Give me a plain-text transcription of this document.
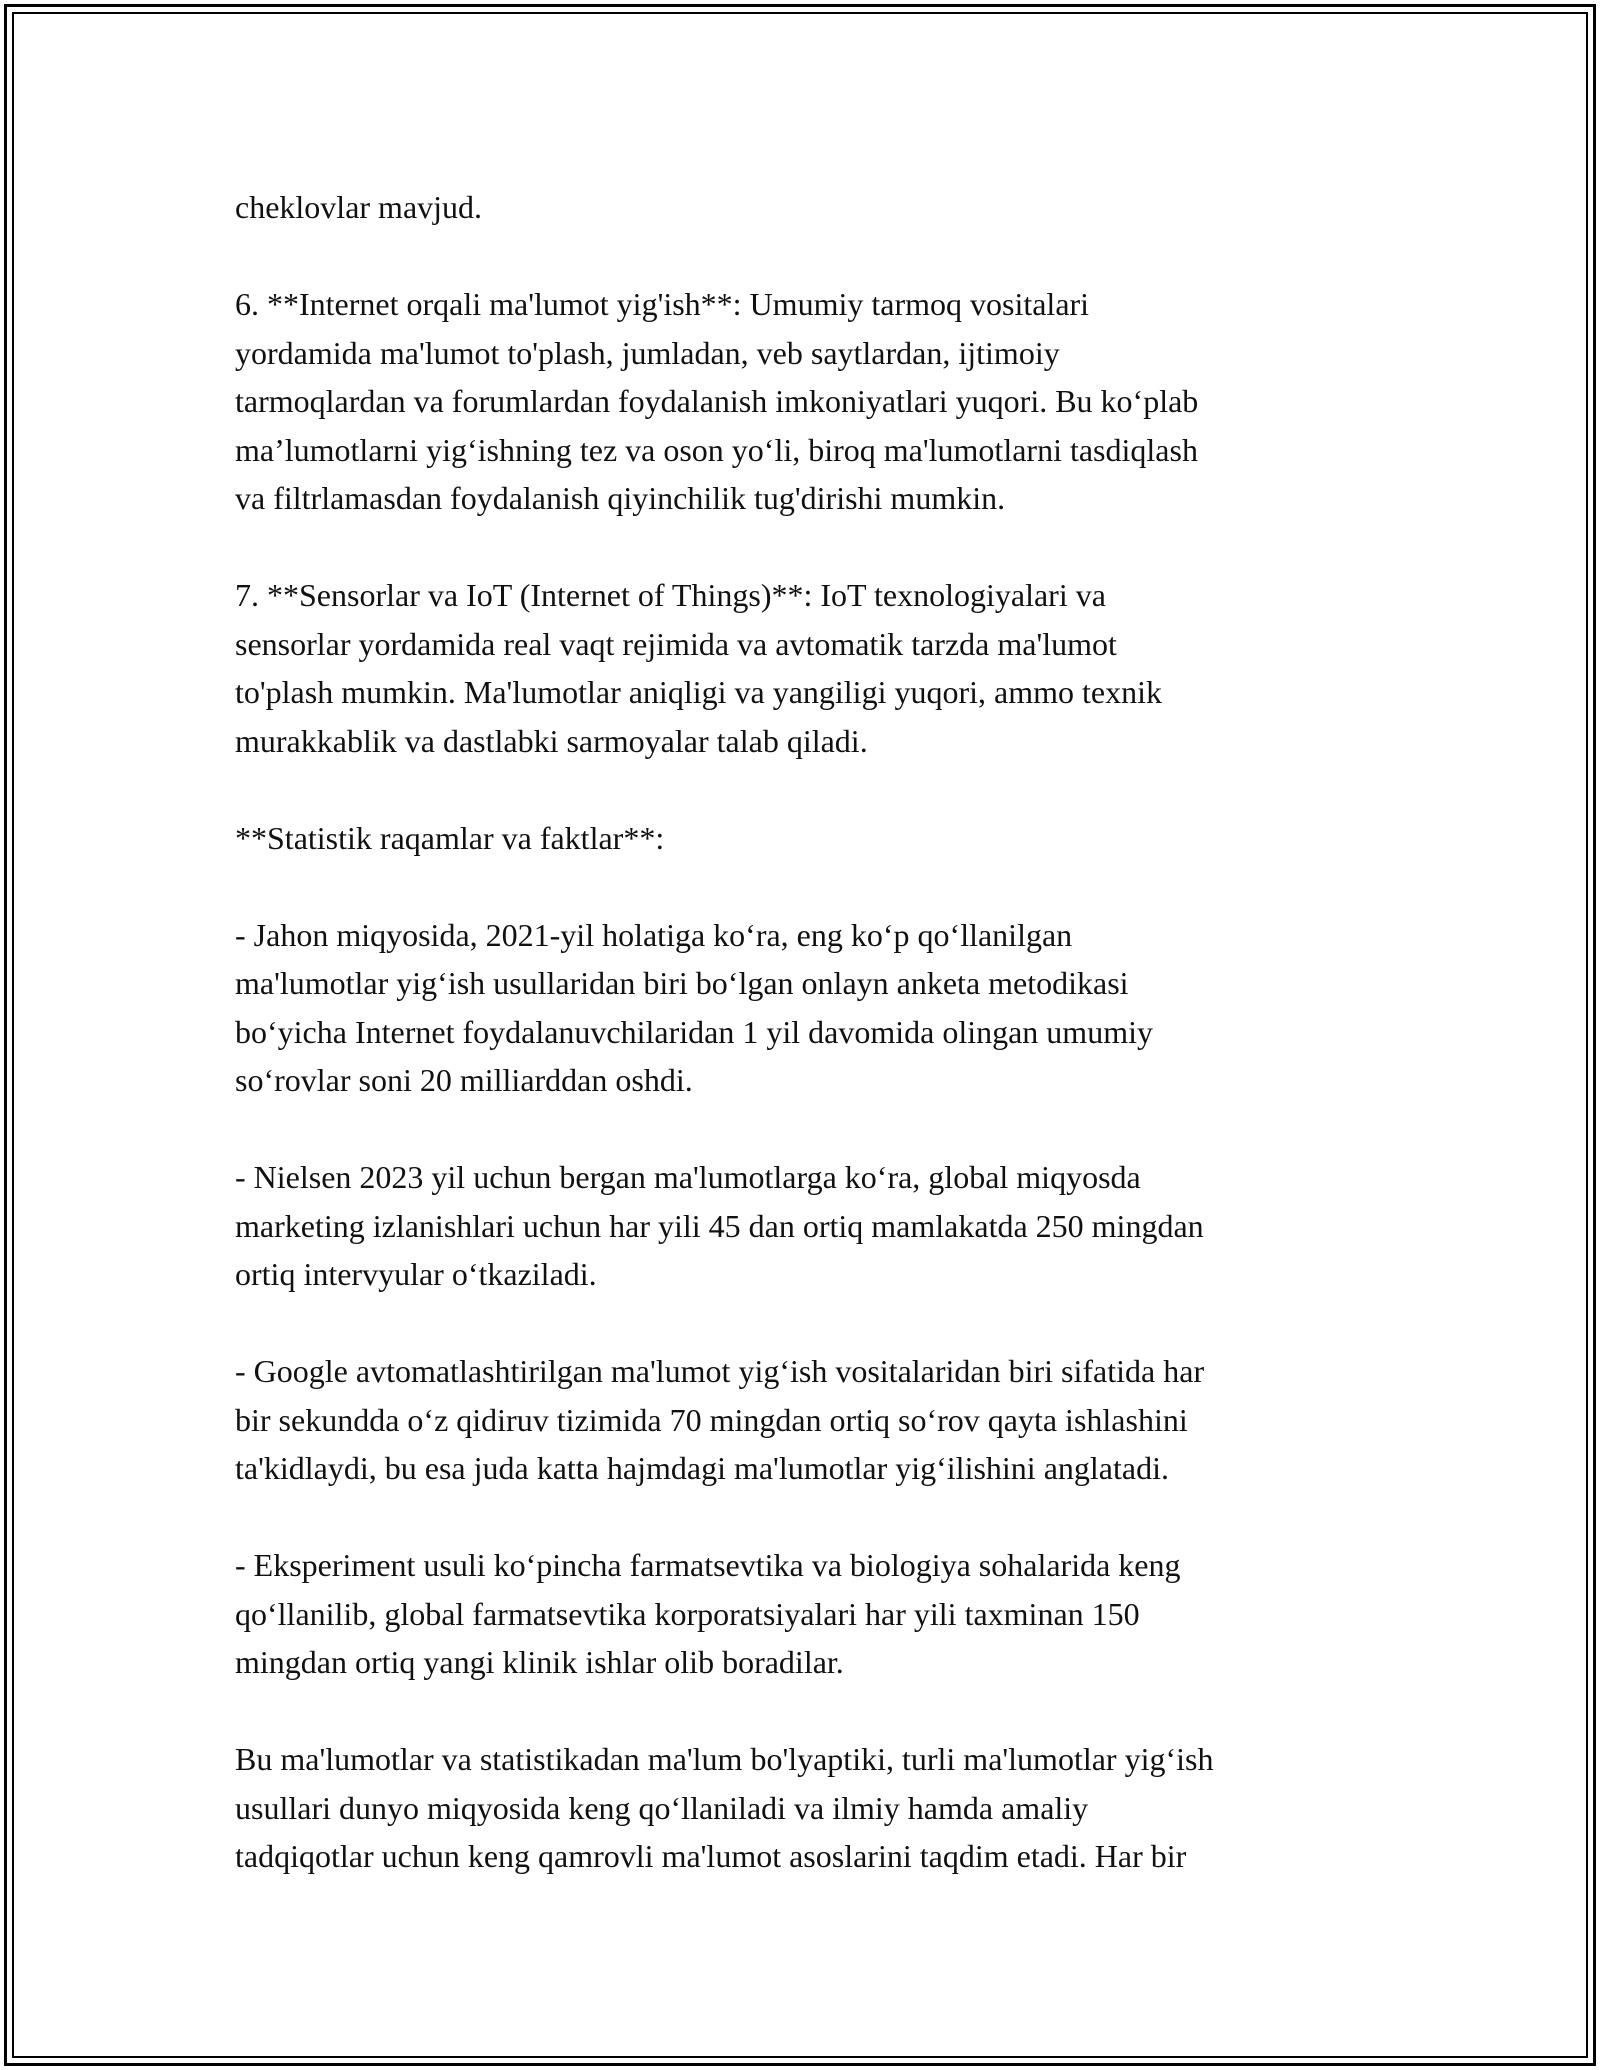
cheklovlar mavjud.

6. **Internet orqali ma'lumot yig'ish**: Umumiy tarmoq vositalari
yordamida ma'lumot to'plash, jumladan, veb saytlardan, ijtimoiy
tarmoqlardan va forumlardan foydalanish imkoniyatlari yuqori. Bu koʻplab
ma’lumotlarni yigʻishning tez va oson yoʻli, biroq ma'lumotlarni tasdiqlash
va filtrlamasdan foydalanish qiyinchilik tug'dirishi mumkin.

7. **Sensorlar va IoT (Internet of Things)**: IoT texnologiyalari va
sensorlar yordamida real vaqt rejimida va avtomatik tarzda ma'lumot
to'plash mumkin. Ma'lumotlar aniqligi va yangiligi yuqori, ammo texnik
murakkablik va dastlabki sarmoyalar talab qiladi.

**Statistik raqamlar va faktlar**:

- Jahon miqyosida, 2021-yil holatiga koʻra, eng koʻp qoʻllanilgan
ma'lumotlar yigʻish usullaridan biri boʻlgan onlayn anketa metodikasi
boʻyicha Internet foydalanuvchilaridan 1 yil davomida olingan umumiy
soʻrovlar soni 20 milliarddan oshdi.

- Nielsen 2023 yil uchun bergan ma'lumotlarga koʻra, global miqyosda
marketing izlanishlari uchun har yili 45 dan ortiq mamlakatda 250 mingdan
ortiq intervyular oʻtkaziladi.

- Google avtomatlashtirilgan ma'lumot yigʻish vositalaridan biri sifatida har
bir sekundda oʻz qidiruv tizimida 70 mingdan ortiq soʻrov qayta ishlashini
ta'kidlaydi, bu esa juda katta hajmdagi ma'lumotlar yigʻilishini anglatadi.

- Eksperiment usuli koʻpincha farmatsevtika va biologiya sohalarida keng
qoʻllanilib, global farmatsevtika korporatsiyalari har yili taxminan 150
mingdan ortiq yangi klinik ishlar olib boradilar.

Bu ma'lumotlar va statistikadan ma'lum bo'lyaptiki, turli ma'lumotlar yigʻish
usullari dunyo miqyosida keng qoʻllaniladi va ilmiy hamda amaliy
tadqiqotlar uchun keng qamrovli ma'lumot asoslarini taqdim etadi. Har bir
